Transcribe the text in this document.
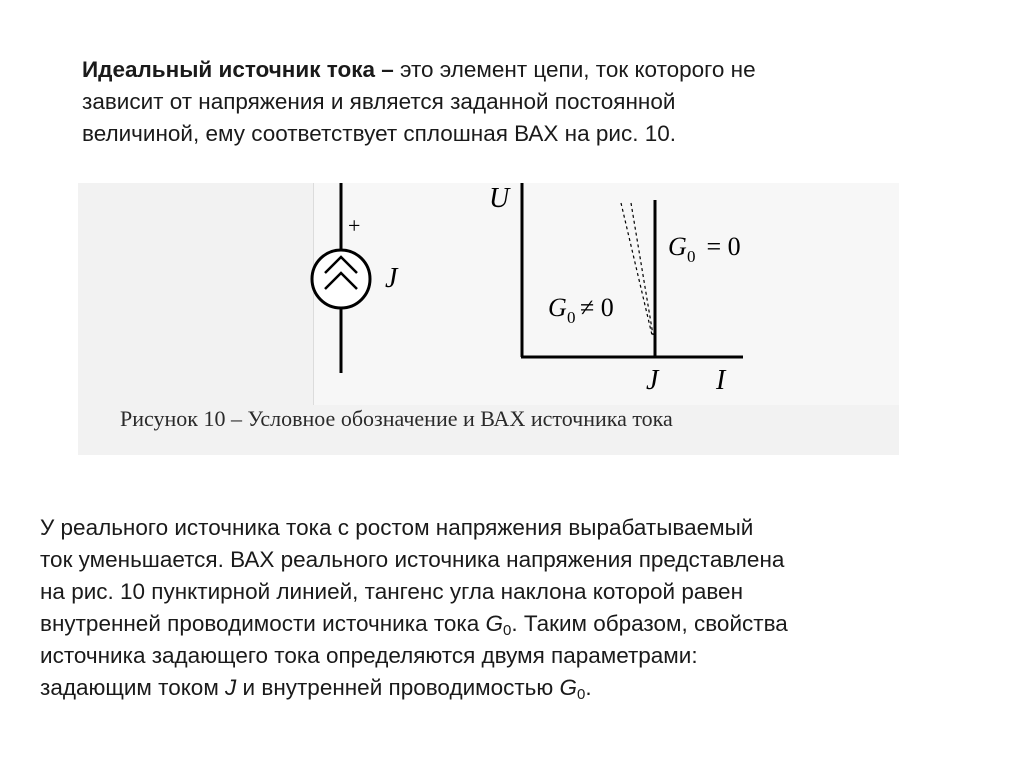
Идеальный источник тока – это элемент цепи, ток которого не
зависит от напряжения и является заданной постоянной
величиной, ему соответствует сплошная ВАХ на рис. 10.

+
J
U
I
J
G 0 = 0
G 0 ≠ 0
Рисунок 10 – Условное обозначение и ВАХ источника тока

У реального источника тока с ростом напряжения вырабатываемый
ток уменьшается. ВАХ реального источника напряжения представлена
на рис. 10 пунктирной линией, тангенс угла наклона которой равен
внутренней проводимости источника тока $G_0$. Таким образом, свойства
источника задающего тока определяются двумя параметрами:
задающим током J и внутренней проводимостью $G_0$.
